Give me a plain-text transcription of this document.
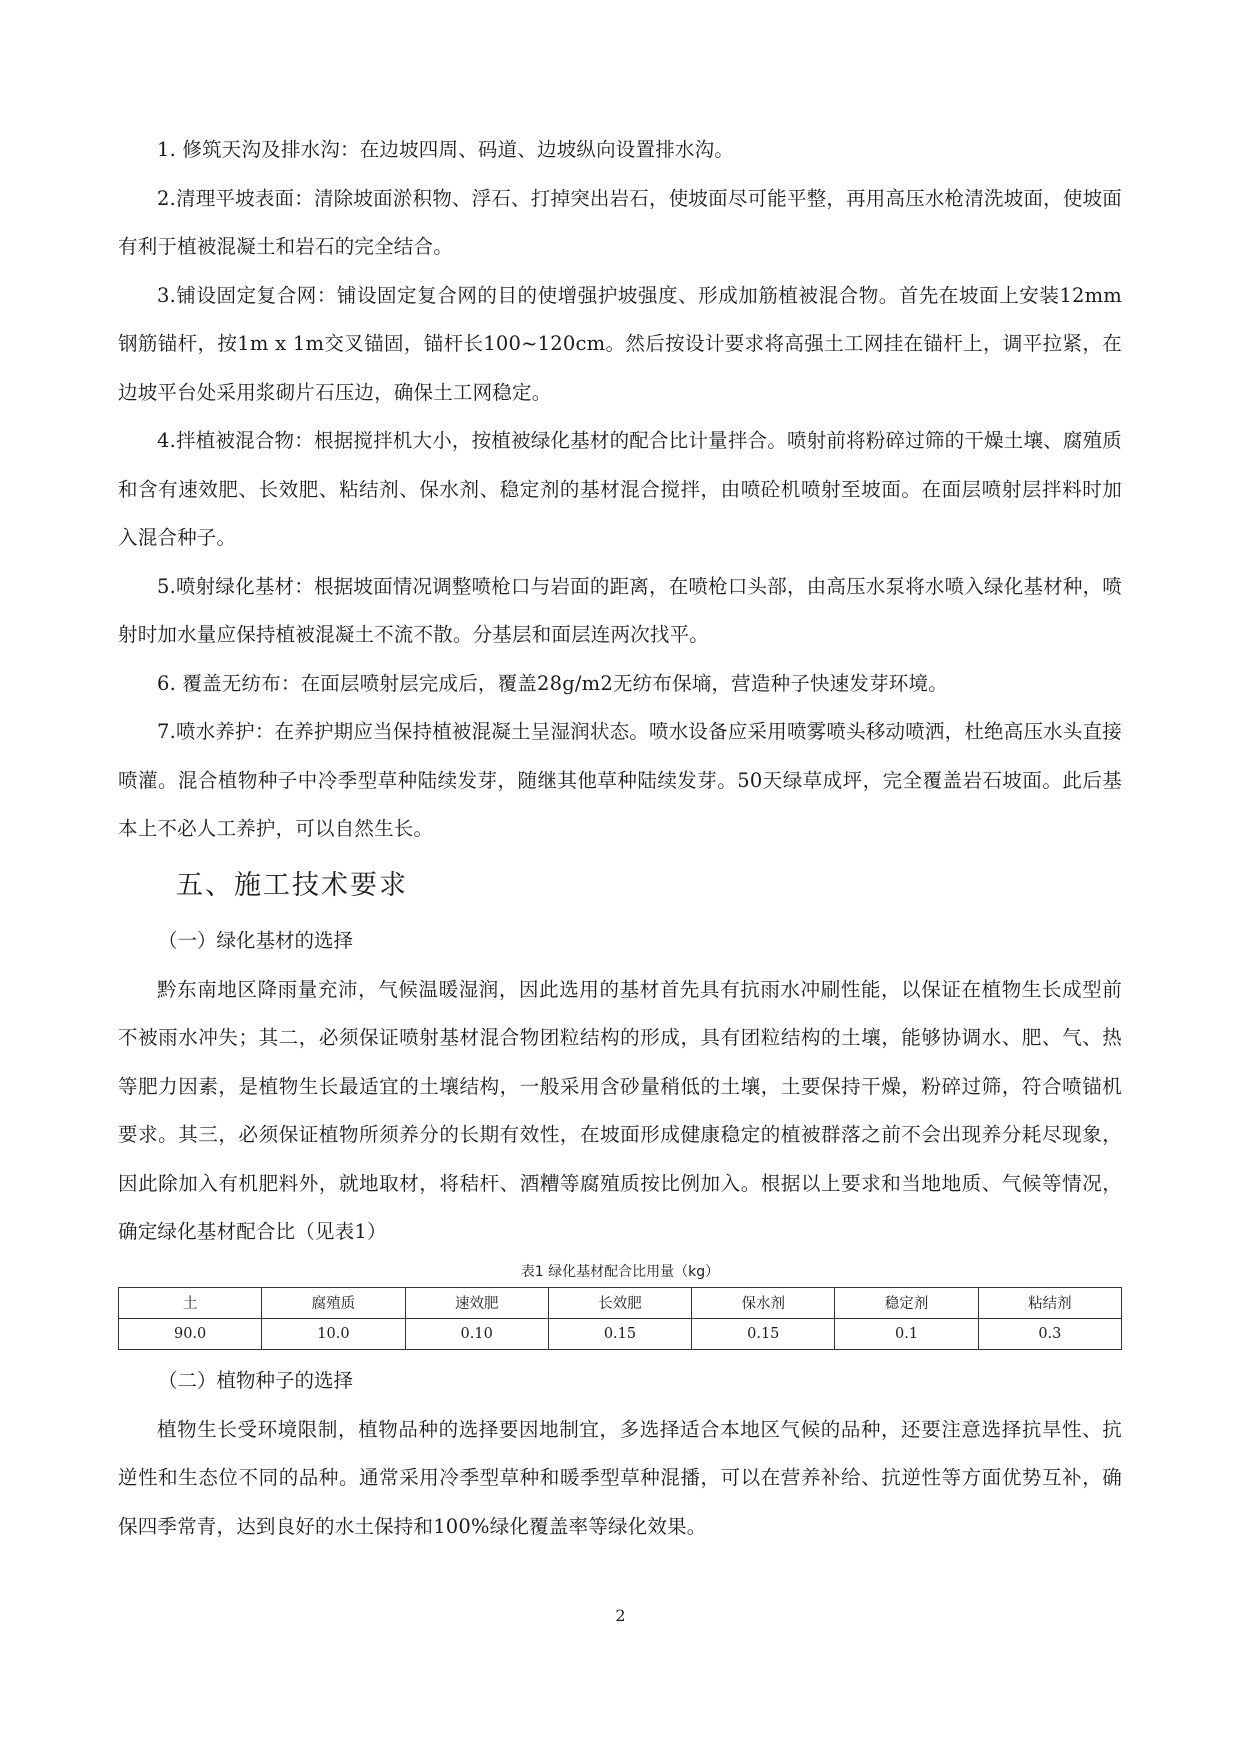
1. 修筑天沟及排水沟：在边坡四周、码道、边坡纵向设置排水沟。

2.清理平坡表面：清除坡面淤积物、浮石、打掉突出岩石，使坡面尽可能平整，再用高压水枪清洗坡面，使坡面有利于植被混凝土和岩石的完全结合。

3.铺设固定复合网：铺设固定复合网的目的使增强护坡强度、形成加筋植被混合物。首先在坡面上安装12mm钢筋锚杆，按1m x 1m交叉锚固，锚杆长100~120cm。然后按设计要求将高强土工网挂在锚杆上，调平拉紧，在边坡平台处采用浆砌片石压边，确保土工网稳定。

4.拌植被混合物：根据搅拌机大小，按植被绿化基材的配合比计量拌合。喷射前将粉碎过筛的干燥土壤、腐殖质和含有速效肥、长效肥、粘结剂、保水剂、稳定剂的基材混合搅拌，由喷砼机喷射至坡面。在面层喷射层拌料时加入混合种子。

5.喷射绿化基材：根据坡面情况调整喷枪口与岩面的距离，在喷枪口头部，由高压水泵将水喷入绿化基材种，喷射时加水量应保持植被混凝土不流不散。分基层和面层连两次找平。

6. 覆盖无纺布：在面层喷射层完成后，覆盖28g/m2无纺布保墒，营造种子快速发芽环境。

7.喷水养护：在养护期应当保持植被混凝土呈湿润状态。喷水设备应采用喷雾喷头移动喷洒，杜绝高压水头直接喷灌。混合植物种子中冷季型草种陆续发芽，随继其他草种陆续发芽。50天绿草成坪，完全覆盖岩石坡面。此后基本上不必人工养护，可以自然生长。

五、施工技术要求
（一）绿化基材的选择

黔东南地区降雨量充沛，气候温暖湿润，因此选用的基材首先具有抗雨水冲刷性能，以保证在植物生长成型前不被雨水冲失；其二，必须保证喷射基材混合物团粒结构的形成，具有团粒结构的土壤，能够协调水、肥、气、热等肥力因素，是植物生长最适宜的土壤结构，一般采用含砂量稍低的土壤，土要保持干燥，粉碎过筛，符合喷锚机要求。其三，必须保证植物所须养分的长期有效性，在坡面形成健康稳定的植被群落之前不会出现养分耗尽现象，因此除加入有机肥料外，就地取材，将秸杆、酒糟等腐殖质按比例加入。根据以上要求和当地地质、气候等情况，确定绿化基材配合比（见表1）

表1 绿化基材配合比用量（kg）
土	腐殖质	速效肥	长效肥	保水剂	稳定剂	粘结剂
90.0	10.0	0.10	0.15	0.15	0.1	0.3
（二）植物种子的选择

植物生长受环境限制，植物品种的选择要因地制宜，多选择适合本地区气候的品种，还要注意选择抗旱性、抗逆性和生态位不同的品种。通常采用冷季型草种和暖季型草种混播，可以在营养补给、抗逆性等方面优势互补，确保四季常青，达到良好的水土保持和100%绿化覆盖率等绿化效果。

2
